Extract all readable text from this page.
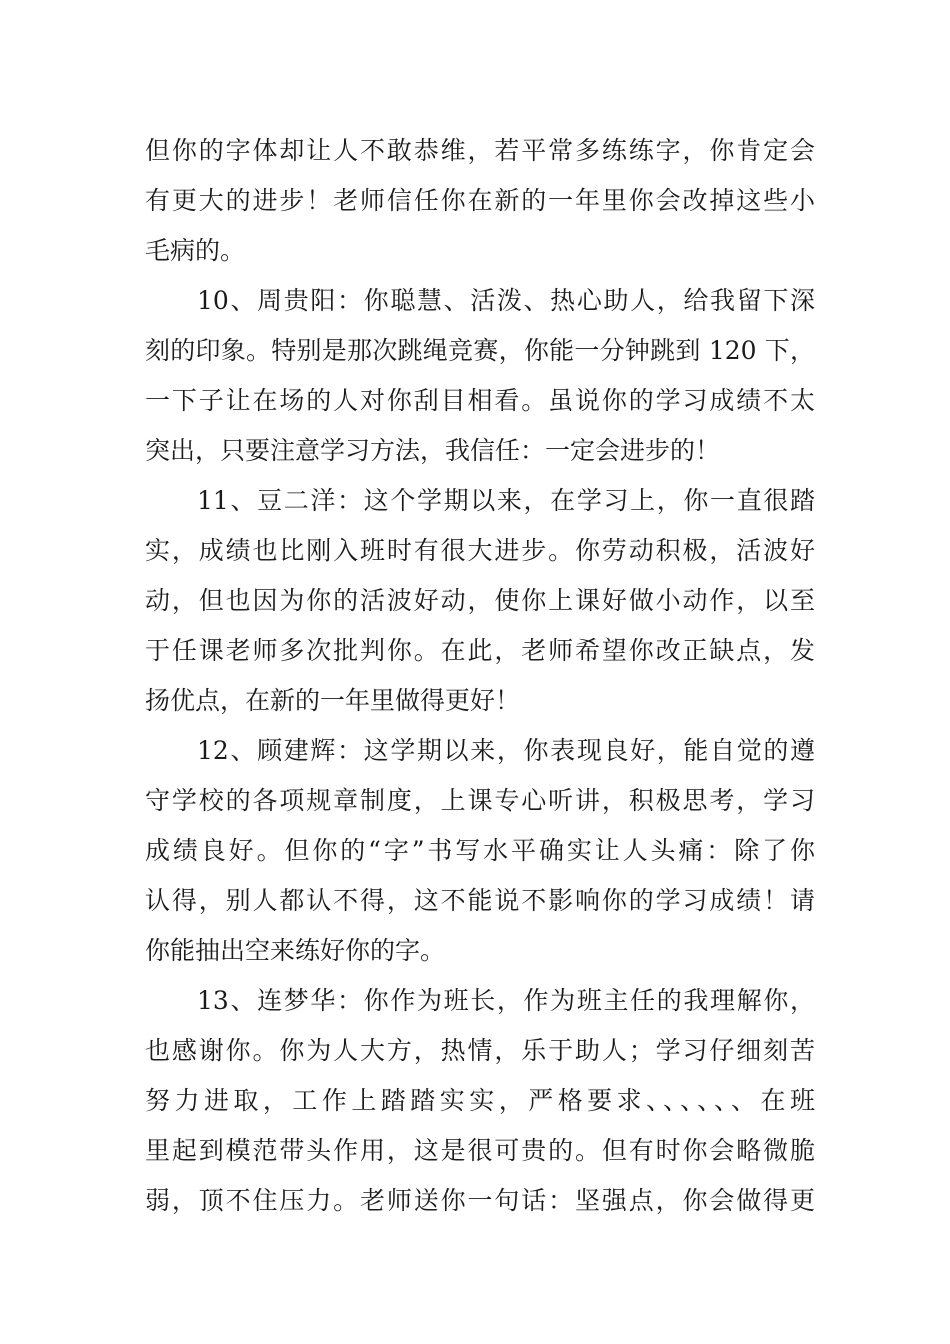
但你的字体却让人不敢恭维，若平常多练练字，你肯定会
有更大的进步！老师信任你在新的一年里你会改掉这些小
毛病的。
10、周贵阳：你聪慧、活泼、热心助人，给我留下深
刻的印象。特别是那次跳绳竞赛，你能一分钟跳到 120 下，
一下子让在场的人对你刮目相看。虽说你的学习成绩不太
突出，只要注意学习方法，我信任：一定会进步的！
11、豆二洋：这个学期以来，在学习上，你一直很踏
实，成绩也比刚入班时有很大进步。你劳动积极，活波好
动，但也因为你的活波好动，使你上课好做小动作，以至
于任课老师多次批判你。在此，老师希望你改正缺点，发
扬优点，在新的一年里做得更好！
12、顾建辉：这学期以来，你表现良好，能自觉的遵
守学校的各项规章制度，上课专心听讲，积极思考，学习
成绩良好。但你的“字”书写水平确实让人头痛：除了你
认得，别人都认不得，这不能说不影响你的学习成绩！请
你能抽出空来练好你的字。
13、连梦华：你作为班长，作为班主任的我理解你，
也感谢你。你为人大方，热情，乐于助人；学习仔细刻苦
努力进取，工作上踏踏实实，严格要求、、、、、、在班
里起到模范带头作用，这是很可贵的。但有时你会略微脆
弱，顶不住压力。老师送你一句话：坚强点，你会做得更
